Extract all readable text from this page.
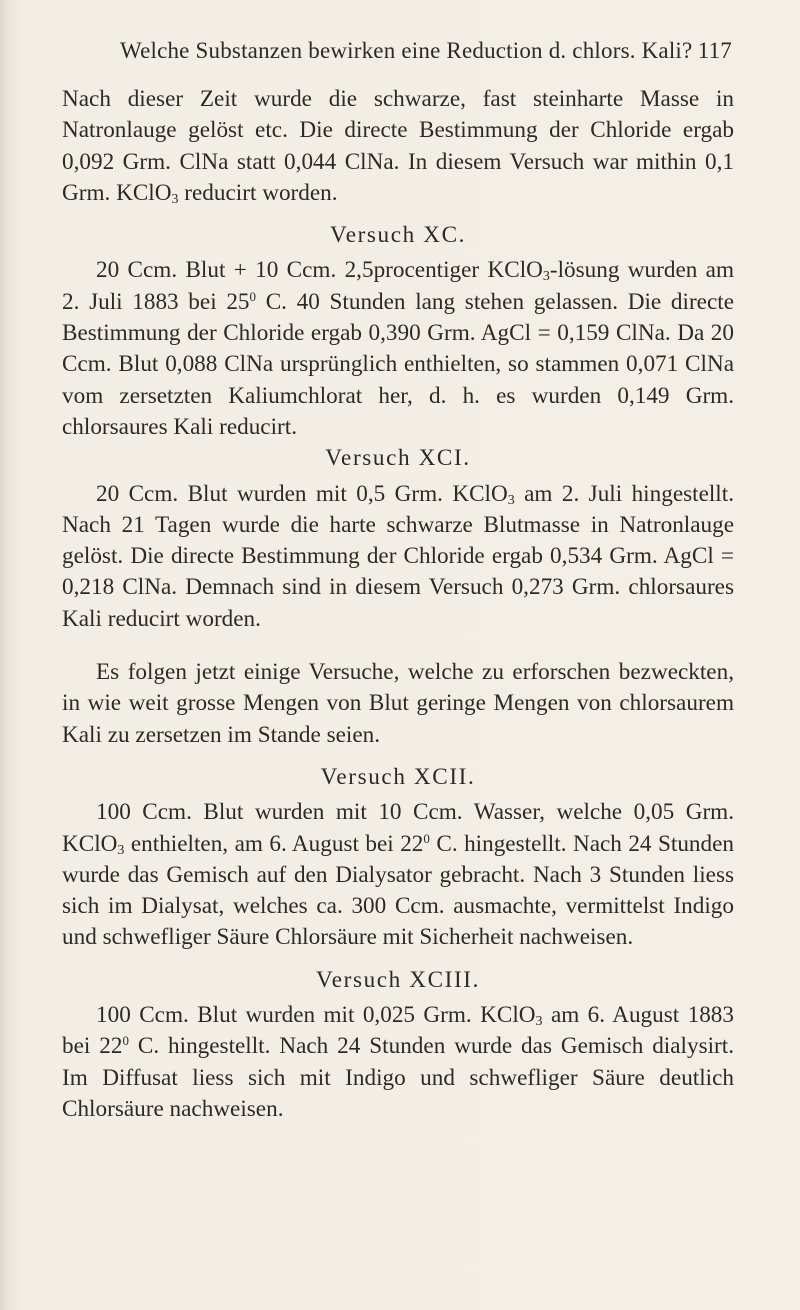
Welche Substanzen bewirken eine Reduction d. chlors. Kali? 117

Nach dieser Zeit wurde die schwarze, fast steinharte Masse in Natronlauge gelöst etc. Die directe Bestimmung der Chloride ergab 0,092 Grm. ClNa statt 0,044 ClNa. In diesem Versuch war mithin 0,1 Grm. KClO$_3$ reducirt worden.

Versuch XC.

20 Ccm. Blut + 10 Ccm. 2,5procentiger KClO$_3$-lösung wurden am 2. Juli 1883 bei $25^0$ C. 40 Stunden lang stehen gelassen. Die directe Bestimmung der Chloride ergab 0,390 Grm. AgCl = 0,159 ClNa. Da 20 Ccm. Blut 0,088 ClNa ursprünglich enthielten, so stammen 0,071 ClNa vom zersetzten Kaliumchlorat her, d. h. es wurden 0,149 Grm. chlorsaures Kali reducirt.

Versuch XCI.

20 Ccm. Blut wurden mit 0,5 Grm. KClO$_3$ am 2. Juli hingestellt. Nach 21 Tagen wurde die harte schwarze Blutmasse in Natronlauge gelöst. Die directe Bestimmung der Chloride ergab 0,534 Grm. AgCl = 0,218 ClNa. Demnach sind in diesem Versuch 0,273 Grm. chlorsaures Kali reducirt worden.

Es folgen jetzt einige Versuche, welche zu erforschen bezweckten, in wie weit grosse Mengen von Blut geringe Mengen von chlorsaurem Kali zu zersetzen im Stande seien.

Versuch XCII.

100 Ccm. Blut wurden mit 10 Ccm. Wasser, welche 0,05 Grm. KClO$_3$ enthielten, am 6. August bei $22^0$ C. hingestellt. Nach 24 Stunden wurde das Gemisch auf den Dialysator gebracht. Nach 3 Stunden liess sich im Dialysat, welches ca. 300 Ccm. ausmachte, vermittelst Indigo und schwefliger Säure Chlorsäure mit Sicherheit nachweisen.

Versuch XCIII.

100 Ccm. Blut wurden mit 0,025 Grm. KClO$_3$ am 6. August 1883 bei $22^0$ C. hingestellt. Nach 24 Stunden wurde das Gemisch dialysirt. Im Diffusat liess sich mit Indigo und schwefliger Säure deutlich Chlorsäure nachweisen.
